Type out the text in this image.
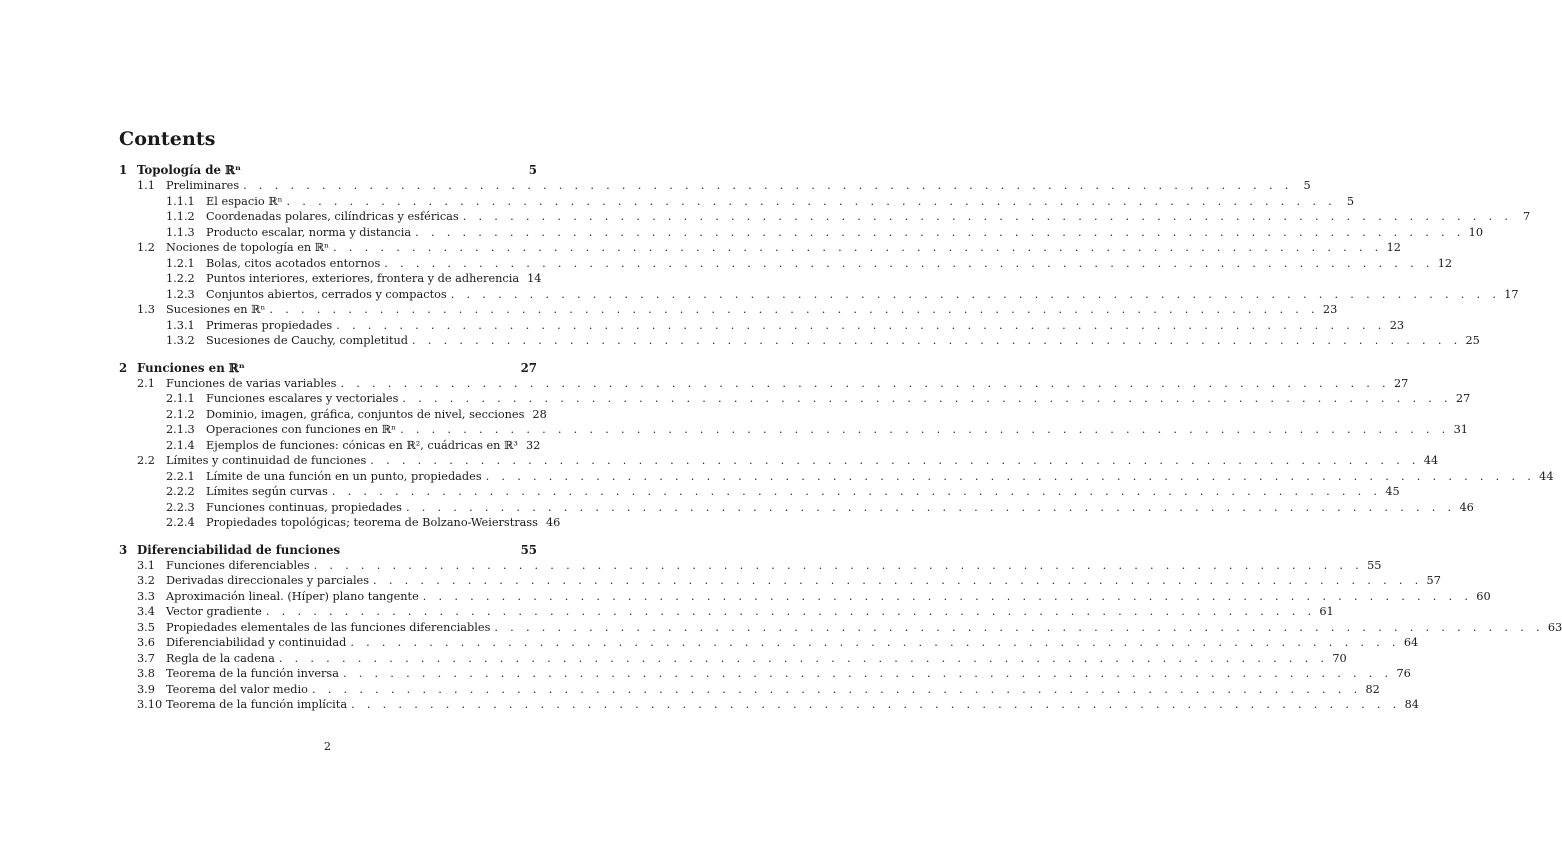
Contents
1 Topología de ℝⁿ	5
1.1 Preliminares . . .	5
1.1.1 El espacio ℝⁿ . . .	5
1.1.2 Coordenadas polares, cilíndricas y esféricas . . .	7
1.1.3 Producto escalar, norma y distancia . . .	10
1.2 Nociones de topología en ℝⁿ . . .	12
1.2.1 Bolas, citos acotados entornos . . .	12
1.2.2 Puntos interiores, exteriores, frontera y de adherencia 14
1.2.3 Conjuntos abiertos, cerrados y compactos . . .	17
1.3 Sucesiones en ℝⁿ . . .	23
1.3.1 Primeras propiedades . . .	23
1.3.2 Sucesiones de Cauchy, completitud . . .	25
2 Funciones en ℝⁿ	27
2.1 Funciones de varias variables . . .	27
2.1.1 Funciones escalares y vectoriales . . .	27
2.1.2 Dominio, imagen, gráfica, conjuntos de nivel, secciones 28
2.1.3 Operaciones con funciones en ℝⁿ . . .	31
2.1.4 Ejemplos de funciones: cónicas en ℝ², cuádricas en ℝ³ 32
2.2 Límites y continuidad de funciones . . .	44
2.2.1 Límite de una función en un punto, propiedades . . .	44
2.2.2 Límites según curvas . . .	45
2.2.3 Funciones continuas, propiedades . . .	46
2.2.4 Propiedades topológicas; teorema de Bolzano-Weierstrass 46
3 Diferenciabilidad de funciones	55
3.1 Funciones diferenciables . . .	55
3.2 Derivadas direccionales y parciales . . .	57
3.3 Aproximación lineal. (Híper) plano tangente . . .	60
3.4 Vector gradiente . . .	61
3.5 Propiedades elementales de las funciones diferenciables . . .	63
3.6 Diferenciabilidad y continuidad . . .	64
3.7 Regla de la cadena . . .	70
3.8 Teorema de la función inversa . . .	76
3.9 Teorema del valor medio . . .	82
3.10 Teorema de la función implícita . . .	84
2
